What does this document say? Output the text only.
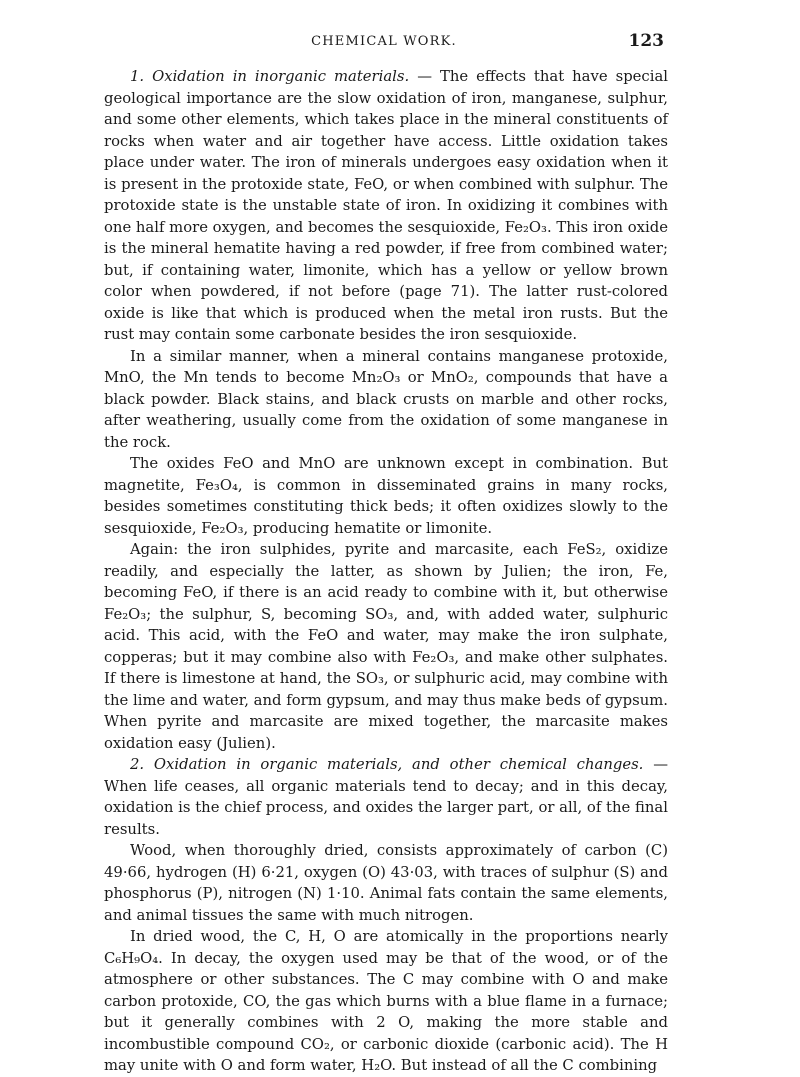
CHEMICAL WORK.	123

1. Oxidation in inorganic materials. — The effects that have special geological importance are the slow oxidation of iron, manganese, sulphur, and some other elements, which takes place in the mineral constituents of rocks when water and air together have access. Little oxidation takes place under water. The iron of minerals undergoes easy oxidation when it is present in the protoxide state, FeO, or when combined with sulphur. The protoxide state is the unstable state of iron. In oxidizing it combines with one half more oxygen, and becomes the sesquioxide, Fe₂O₃. This iron oxide is the mineral hematite having a red powder, if free from combined water; but, if containing water, limonite, which has a yellow or yellow brown color when powdered, if not before (page 71). The latter rust-colored oxide is like that which is produced when the metal iron rusts. But the rust may contain some carbonate besides the iron sesquioxide.

In a similar manner, when a mineral contains manganese protoxide, MnO, the Mn tends to become Mn₂O₃ or MnO₂, compounds that have a black powder. Black stains, and black crusts on marble and other rocks, after weathering, usually come from the oxidation of some manganese in the rock.

The oxides FeO and MnO are unknown except in combination. But magnetite, Fe₃O₄, is common in disseminated grains in many rocks, besides sometimes constituting thick beds; it often oxidizes slowly to the sesquioxide, Fe₂O₃, producing hematite or limonite.

Again: the iron sulphides, pyrite and marcasite, each FeS₂, oxidize readily, and especially the latter, as shown by Julien; the iron, Fe, becoming FeO, if there is an acid ready to combine with it, but otherwise Fe₂O₃; the sulphur, S, becoming SO₃, and, with added water, sulphuric acid. This acid, with the FeO and water, may make the iron sulphate, copperas; but it may combine also with Fe₂O₃, and make other sulphates. If there is limestone at hand, the SO₃, or sulphuric acid, may combine with the lime and water, and form gypsum, and may thus make beds of gypsum. When pyrite and marcasite are mixed together, the marcasite makes oxidation easy (Julien).

2. Oxidation in organic materials, and other chemical changes. — When life ceases, all organic materials tend to decay; and in this decay, oxidation is the chief process, and oxides the larger part, or all, of the final results.

Wood, when thoroughly dried, consists approximately of carbon (C) 49·66, hydrogen (H) 6·21, oxygen (O) 43·03, with traces of sulphur (S) and phosphorus (P), nitrogen (N) 1·10. Animal fats contain the same elements, and animal tissues the same with much nitrogen.

In dried wood, the C, H, O are atomically in the proportions nearly C₆H₉O₄. In decay, the oxygen used may be that of the wood, or of the atmosphere or other substances. The C may combine with O and make carbon protoxide, CO, the gas which burns with a blue flame in a furnace; but it generally combines with 2 O, making the more stable and incombustible compound CO₂, or carbonic dioxide (carbonic acid). The H may unite with O and form water, H₂O. But instead of all the C combining
